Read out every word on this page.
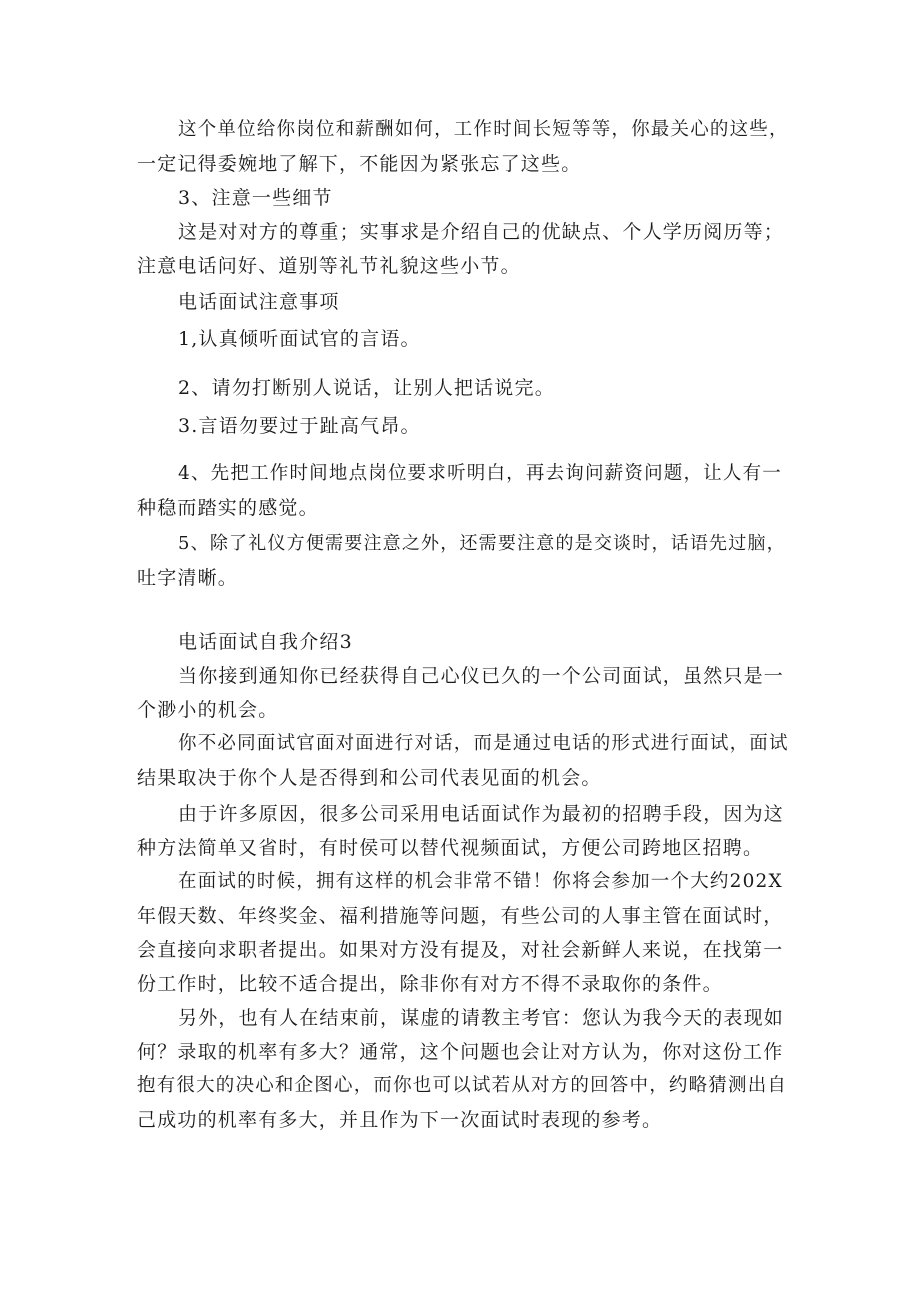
这个单位给你岗位和薪酬如何，工作时间长短等等，你最关心的这些，

一定记得委婉地了解下，不能因为紧张忘了这些。

3、注意一些细节

这是对对方的尊重；实事求是介绍自己的优缺点、个人学历阅历等；

注意电话问好、道别等礼节礼貌这些小节。

电话面试注意事项

1,认真倾听面试官的言语。

2、请勿打断别人说话，让别人把话说完。

3.言语勿要过于趾高气昂。

4、先把工作时间地点岗位要求听明白，再去询问薪资问题，让人有一

种稳而踏实的感觉。

5、除了礼仪方便需要注意之外，还需要注意的是交谈时，话语先过脑，

吐字清晰。

电话面试自我介绍3

当你接到通知你已经获得自己心仪已久的一个公司面试，虽然只是一

个渺小的机会。

你不必同面试官面对面进行对话，而是通过电话的形式进行面试，面试

结果取决于你个人是否得到和公司代表见面的机会。

由于许多原因，很多公司采用电话面试作为最初的招聘手段，因为这

种方法简单又省时，有时侯可以替代视频面试，方便公司跨地区招聘。

在面试的时候，拥有这样的机会非常不错！你将会参加一个大约202X

年假天数、年终奖金、福利措施等问题，有些公司的人事主管在面试时，

会直接向求职者提出。如果对方没有提及，对社会新鲜人来说，在找第一

份工作时，比较不适合提出，除非你有对方不得不录取你的条件。

另外，也有人在结束前，谋虚的请教主考官：您认为我今天的表现如

何？录取的机率有多大？通常，这个问题也会让对方认为，你对这份工作

抱有很大的决心和企图心，而你也可以试若从对方的回答中，约略猜测出自

己成功的机率有多大，并且作为下一次面试时表现的参考。
